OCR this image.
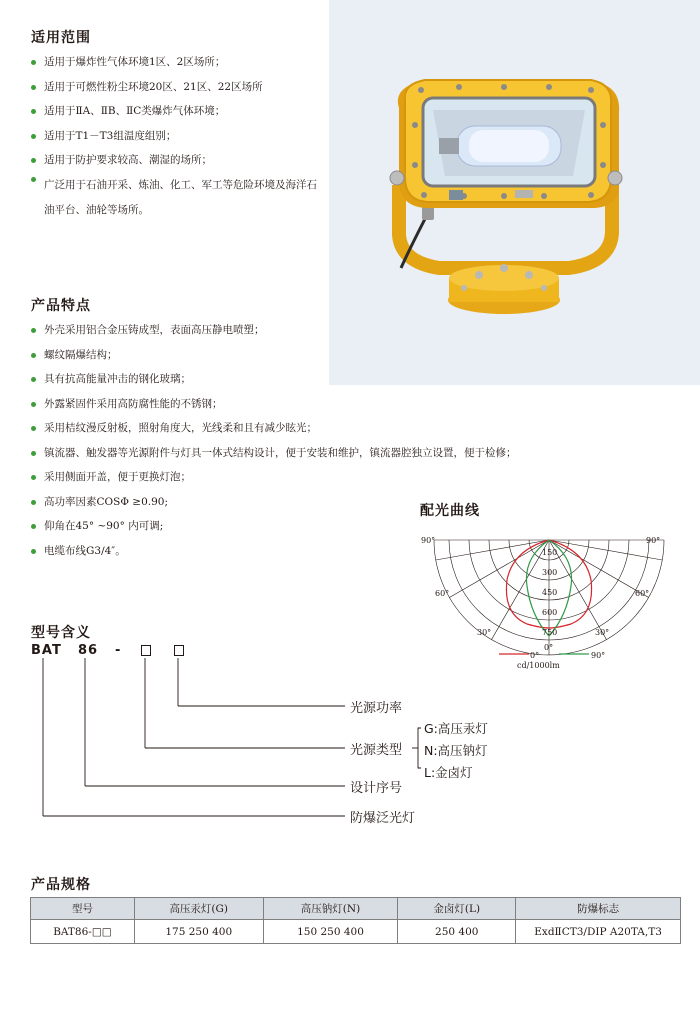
适用范围
适用于爆炸性气体环境1区、2区场所；
适用于可燃性粉尘环境20区、21区、22区场所
适用于ⅡA、ⅡB、ⅡC类爆炸气体环境；
适用于T1－T3组温度组别；
适用于防护要求较高、潮湿的场所；
广泛用于石油开采、炼油、化工、军工等危险环境及海洋石油平台、油轮等场所。
产品特点
外壳采用铝合金压铸成型，表面高压静电喷塑；
螺纹隔爆结构；
具有抗高能量冲击的钢化玻璃；
外露紧固件采用高防腐性能的不锈钢；
采用桔纹漫反射板，照射角度大，光线柔和且有减少眩光；
镇流器、触发器等光源附件与灯具一体式结构设计，便于安装和维护，镇流器腔独立设置，便于检修；
采用侧面开盖，便于更换灯泡；
高功率因素COSΦ ≥0.90;
仰角在45° ~90° 内可调;
电缆布线G3/4″。
配光曲线
90°	90°
60°	60°
30°	30°
0°
150
300
450
600
750
0°	90°
cd/1000lm
型号含义
BAT 86 -
光源功率
光源类型
G:高压汞灯
N:高压钠灯
L:金卤灯
设计序号
防爆泛光灯
产品规格
型号	高压汞灯(G)	高压钠灯(N)	金卤灯(L)	防爆标志
BAT86-□□	175 250 400	150 250 400	250 400	ExdⅡCT3/DIP A20TA,T3
